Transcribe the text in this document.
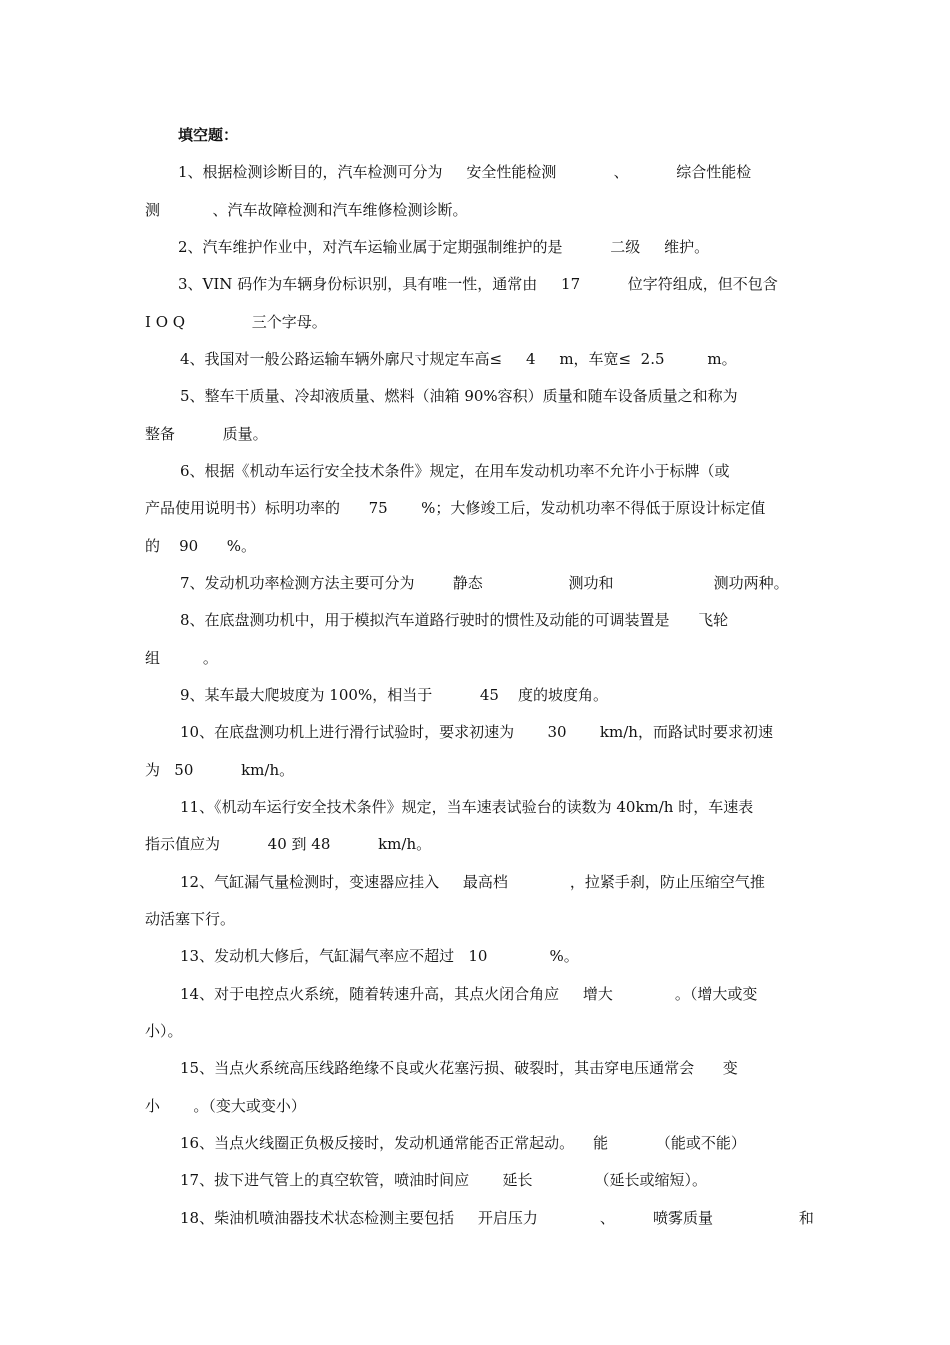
填空题：
1、根据检测诊断目的，汽车检测可分为     安全性能检测            、          综合性能检
测           、汽车故障检测和汽车维修检测诊断。
2、汽车维护作业中，对汽车运输业属于定期强制维护的是          二级     维护。
3、VIN 码作为车辆身份标识别，具有唯一性，通常由     17          位字符组成，但不包含
I O Q              三个字母。
4、我国对一般公路运输车辆外廓尺寸规定车高≤     4     m，车宽≤  2.5         m。
5、整车干质量、冷却液质量、燃料（油箱 90%容积）质量和随车设备质量之和称为
整备          质量。
6、根据《机动车运行安全技术条件》规定，在用车发动机功率不允许小于标牌（或
产品使用说明书）标明功率的      75       %；大修竣工后，发动机功率不得低于原设计标定值
的    90      %。
7、发动机功率检测方法主要可分为        静态                  测功和                     测功两种。
8、在底盘测功机中，用于模拟汽车道路行驶时的惯性及动能的可调装置是      飞轮
组         。
9、某车最大爬坡度为 100%，相当于          45    度的坡度角。
10、在底盘测功机上进行滑行试验时，要求初速为       30       km/h，而路试时要求初速
为   50          km/h。
11、《机动车运行安全技术条件》规定，当车速表试验台的读数为 40km/h 时，车速表
指示值应为          40 到 48          km/h。
12、气缸漏气量检测时，变速器应挂入     最高档             ，拉紧手刹，防止压缩空气推
动活塞下行。
13、发动机大修后，气缸漏气率应不超过   10             %。
14、对于电控点火系统，随着转速升高，其点火闭合角应     增大             。（增大或变
小）。
15、当点火系统高压线路绝缘不良或火花塞污损、破裂时，其击穿电压通常会      变
小       。（变大或变小）
16、当点火线圈正负极反接时，发动机通常能否正常起动。    能          （能或不能）
17、拔下进气管上的真空软管，喷油时间应       延长             （延长或缩短）。
18、柴油机喷油器技术状态检测主要包括     开启压力             、        喷雾质量                  和
